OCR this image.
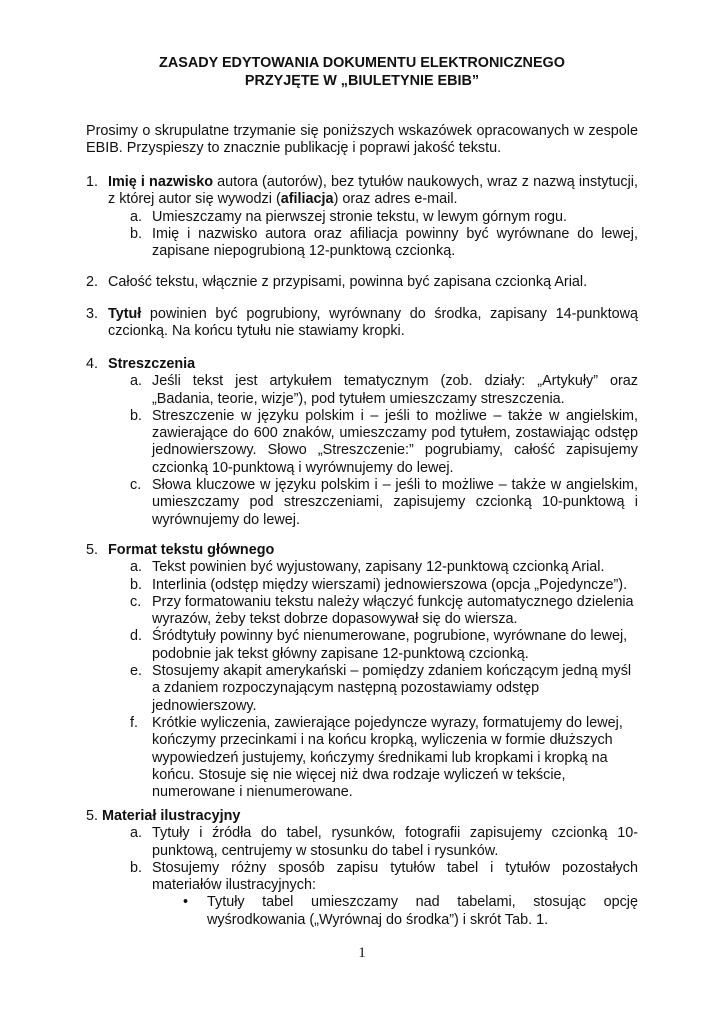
ZASADY EDYTOWANIA DOKUMENTU ELEKTRONICZNEGO
PRZYJĘTE W „BIULETYNIE EBIB”
Prosimy o skrupulatne trzymanie się poniższych wskazówek opracowanych w zespole EBIB. Przyspieszy to znacznie publikację i poprawi jakość tekstu.
1. Imię i nazwisko autora (autorów), bez tytułów naukowych, wraz z nazwą instytucji, z której autor się wywodzi (afiliacja) oraz adres e-mail.
a. Umieszczamy na pierwszej stronie tekstu, w lewym górnym rogu.
b. Imię i nazwisko autora oraz afiliacja powinny być wyrównane do lewej, zapisane niepogrubioną 12-punktową czcionką.
2. Całość tekstu, włącznie z przypisami, powinna być zapisana czcionką Arial.
3. Tytuł powinien być pogrubiony, wyrównany do środka, zapisany 14-punktową czcionką. Na końcu tytułu nie stawiamy kropki.
4. Streszczenia
a. Jeśli tekst jest artykułem tematycznym (zob. działy: „Artykuły” oraz „Badania, teorie, wizje”), pod tytułem umieszczamy streszczenia.
b. Streszczenie w języku polskim i – jeśli to możliwe – także w angielskim, zawierające do 600 znaków, umieszczamy pod tytułem, zostawiając odstęp jednowierszowy. Słowo „Streszczenie:” pogrubiamy, całość zapisujemy czcionką 10-punktową i wyrównujemy do lewej.
c. Słowa kluczowe w języku polskim i – jeśli to możliwe – także w angielskim, umieszczamy pod streszczeniami, zapisujemy czcionką 10-punktową i wyrównujemy do lewej.
5. Format tekstu głównego
a. Tekst powinien być wyjustowany, zapisany 12-punktową czcionką Arial.
b. Interlinia (odstęp między wierszami) jednowierszowa (opcja „Pojedyncze”).
c. Przy formatowaniu tekstu należy włączyć funkcję automatycznego dzielenia wyrazów, żeby tekst dobrze dopasowywał się do wiersza.
d. Śródtytuły powinny być nienumerowane, pogrubione, wyrównane do lewej, podobnie jak tekst główny zapisane 12-punktową czcionką.
e. Stosujemy akapit amerykański – pomiędzy zdaniem kończącym jedną myśl a zdaniem rozpoczynającym następną pozostawiamy odstęp jednowierszowy.
f. Krótkie wyliczenia, zawierające pojedyncze wyrazy, formatujemy do lewej, kończymy przecinkami i na końcu kropką, wyliczenia w formie dłuższych wypowiedzeń justujemy, kończymy średnikami lub kropkami i kropką na końcu. Stosuje się nie więcej niż dwa rodzaje wyliczeń w tekście, numerowane i nienumerowane.
5. Materiał ilustracyjny
a. Tytuły i źródła do tabel, rysunków, fotografii zapisujemy czcionką 10-punktową, centrujemy w stosunku do tabel i rysunków.
b. Stosujemy różny sposób zapisu tytułów tabel i tytułów pozostałych materiałów ilustracyjnych:
• Tytuły tabel umieszczamy nad tabelami, stosując opcję wyśrodkowania („Wyrównaj do środka”) i skrót Tab. 1.
1
